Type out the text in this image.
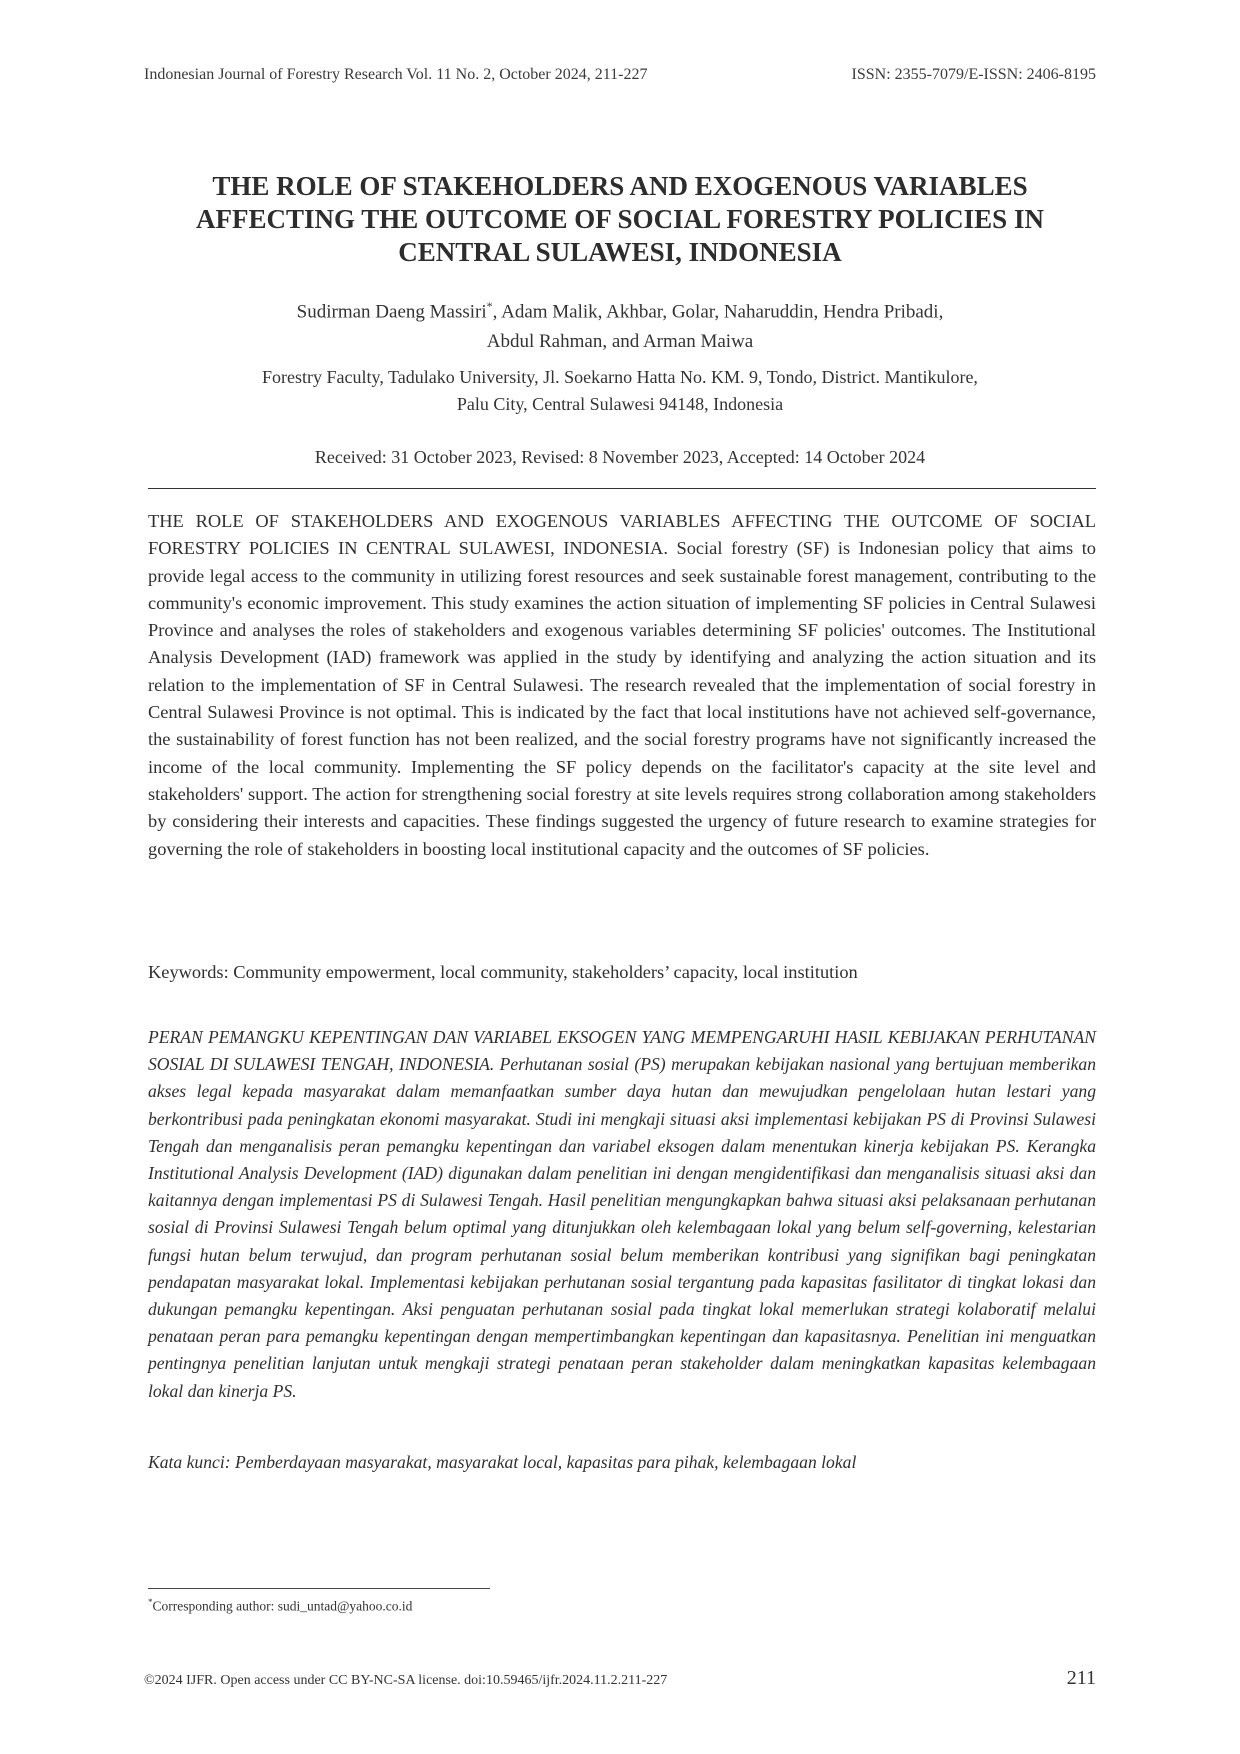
Indonesian Journal of Forestry Research Vol. 11 No. 2, October 2024, 211-227	ISSN: 2355-7079/E-ISSN: 2406-8195
THE ROLE OF STAKEHOLDERS AND EXOGENOUS VARIABLES
AFFECTING THE OUTCOME OF SOCIAL FORESTRY POLICIES IN
CENTRAL SULAWESI, INDONESIA
Sudirman Daeng Massiri*, Adam Malik, Akhbar, Golar, Naharuddin, Hendra Pribadi,
Abdul Rahman, and Arman Maiwa
Forestry Faculty, Tadulako University, Jl. Soekarno Hatta No. KM. 9, Tondo, District. Mantikulore,
Palu City, Central Sulawesi 94148, Indonesia
Received: 31 October 2023, Revised: 8 November 2023, Accepted: 14 October 2024

THE ROLE OF STAKEHOLDERS AND EXOGENOUS VARIABLES AFFECTING THE OUTCOME OF SOCIAL FORESTRY POLICIES IN CENTRAL SULAWESI, INDONESIA. Social forestry (SF) is Indonesian policy that aims to provide legal access to the community in utilizing forest resources and seek sustainable forest management, contributing to the community's economic improvement. This study examines the action situation of implementing SF policies in Central Sulawesi Province and analyses the roles of stakeholders and exogenous variables determining SF policies' outcomes. The Institutional Analysis Development (IAD) framework was applied in the study by identifying and analyzing the action situation and its relation to the implementation of SF in Central Sulawesi. The research revealed that the implementation of social forestry in Central Sulawesi Province is not optimal. This is indicated by the fact that local institutions have not achieved self-governance, the sustainability of forest function has not been realized, and the social forestry programs have not significantly increased the income of the local community. Implementing the SF policy depends on the facilitator's capacity at the site level and stakeholders' support. The action for strengthening social forestry at site levels requires strong collaboration among stakeholders by considering their interests and capacities. These findings suggested the urgency of future research to examine strategies for governing the role of stakeholders in boosting local institutional capacity and the outcomes of SF policies.

Keywords: Community empowerment, local community, stakeholders’ capacity, local institution

PERAN PEMANGKU KEPENTINGAN DAN VARIABEL EKSOGEN YANG MEMPENGARUHI HASIL KEBIJAKAN PERHUTANAN SOSIAL DI SULAWESI TENGAH, INDONESIA. Perhutanan sosial (PS) merupakan kebijakan nasional yang bertujuan memberikan akses legal kepada masyarakat dalam memanfaatkan sumber daya hutan dan mewujudkan pengelolaan hutan lestari yang berkontribusi pada peningkatan ekonomi masyarakat. Studi ini mengkaji situasi aksi implementasi kebijakan PS di Provinsi Sulawesi Tengah dan menganalisis peran pemangku kepentingan dan variabel eksogen dalam menentukan kinerja kebijakan PS. Kerangka Institutional Analysis Development (IAD) digunakan dalam penelitian ini dengan mengidentifikasi dan menganalisis situasi aksi dan kaitannya dengan implementasi PS di Sulawesi Tengah. Hasil penelitian mengungkapkan bahwa situasi aksi pelaksanaan perhutanan sosial di Provinsi Sulawesi Tengah belum optimal yang ditunjukkan oleh kelembagaan lokal yang belum self-governing, kelestarian fungsi hutan belum terwujud, dan program perhutanan sosial belum memberikan kontribusi yang signifikan bagi peningkatan pendapatan masyarakat lokal. Implementasi kebijakan perhutanan sosial tergantung pada kapasitas fasilitator di tingkat lokasi dan dukungan pemangku kepentingan. Aksi penguatan perhutanan sosial pada tingkat lokal memerlukan strategi kolaboratif melalui penataan peran para pemangku kepentingan dengan mempertimbangkan kepentingan dan kapasitasnya. Penelitian ini menguatkan pentingnya penelitian lanjutan untuk mengkaji strategi penataan peran stakeholder dalam meningkatkan kapasitas kelembagaan lokal dan kinerja PS.

Kata kunci: Pemberdayaan masyarakat, masyarakat local, kapasitas para pihak, kelembagaan lokal
*Corresponding author: sudi_untad@yahoo.co.id
©2024 IJFR. Open access under CC BY-NC-SA license. doi:10.59465/ijfr.2024.11.2.211-227	211
